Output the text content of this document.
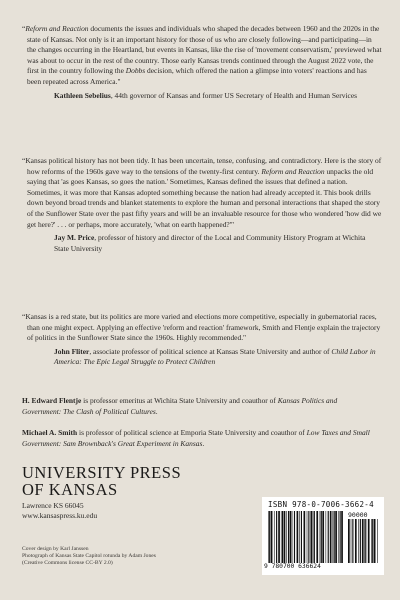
“Reform and Reaction documents the issues and individuals who shaped the decades between 1960 and the 2020s in the state of Kansas. Not only is it an important history for those of us who are closely following—and participating—in the changes occurring in the Heartland, but events in Kansas, like the rise of 'movement conservatism,' previewed what was about to occur in the rest of the country. Those early Kansas trends continued through the August 2022 vote, the first in the country following the Dobbs decision, which offered the nation a glimpse into voters' reactions and has been repeated across America."

Kathleen Sebelius, 44th governor of Kansas and former US Secretary of Health and Human Services

“Kansas political history has not been tidy. It has been uncertain, tense, confusing, and contradictory. Here is the story of how reforms of the 1960s gave way to the tensions of the twenty-first century. Reform and Reaction unpacks the old saying that 'as goes Kansas, so goes the nation.' Sometimes, Kansas defined the issues that defined a nation. Sometimes, it was more that Kansas adopted something because the nation had already accepted it. This book drills down beyond broad trends and blanket statements to explore the human and personal interactions that shaped the story of the Sunflower State over the past fifty years and will be an invaluable resource for those who wondered 'how did we get here?' . . . or perhaps, more accurately, 'what on earth happened?'"

Jay M. Price, professor of history and director of the Local and Community History Program at Wichita State University

“Kansas is a red state, but its politics are more varied and elections more competitive, especially in gubernatorial races, than one might expect. Applying an effective 'reform and reaction' framework, Smith and Flentje explain the trajectory of politics in the Sunflower State since the 1960s. Highly recommended."

John Fliter, associate professor of political science at Kansas State University and author of Child Labor in America: The Epic Legal Struggle to Protect Children

H. Edward Flentje is professor emeritus at Wichita State University and coauthor of Kansas Politics and Government: The Clash of Political Cultures.

Michael A. Smith is professor of political science at Emporia State University and coauthor of Low Taxes and Small Government: Sam Brownback's Great Experiment in Kansas.

UNIVERSITY PRESS
OF KANSAS
Lawrence KS 66045
www.kansaspress.ku.edu
Cover design by Karl Janssen
Photograph of Kansas State Capitol rotunda by Adam Jones
(Creative Commons license CC-BY 2.0)
ISBN 978-0-7006-3662-4
90000
9 780700 636624
